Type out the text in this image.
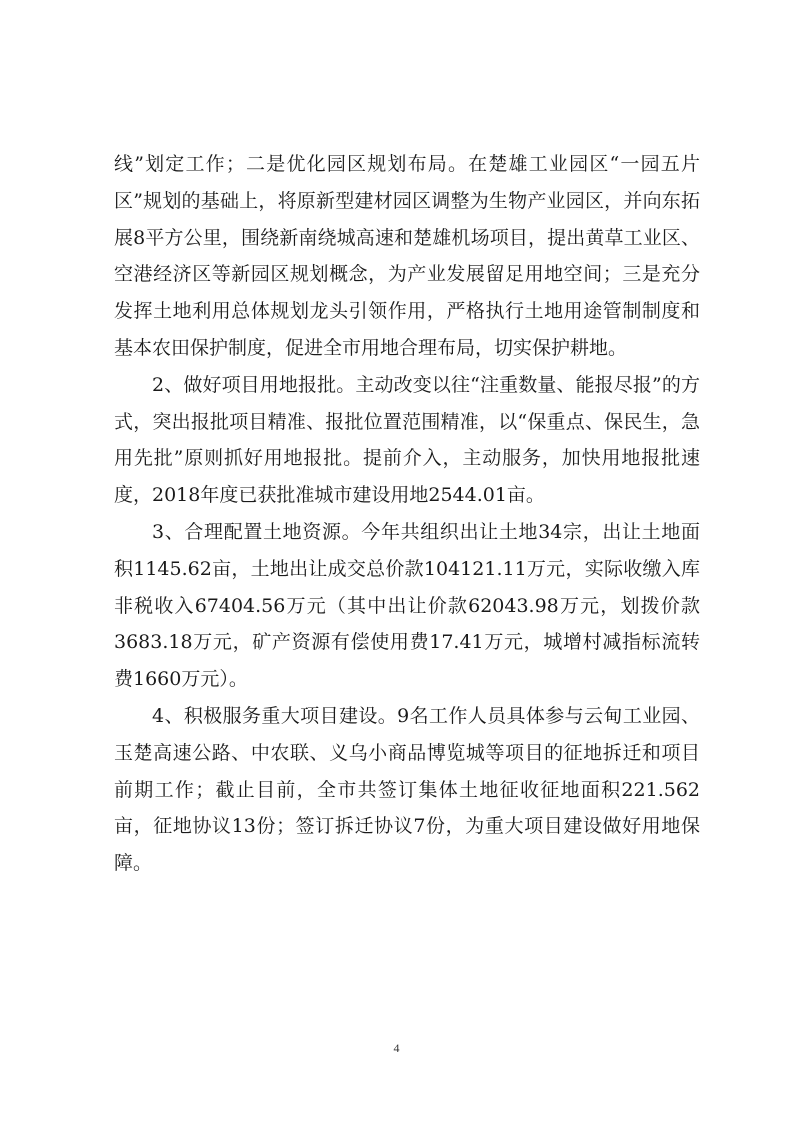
线”划定工作；二是优化园区规划布局。在楚雄工业园区“一园五片区”规划的基础上，将原新型建材园区调整为生物产业园区，并向东拓展8平方公里，围绕新南绕城高速和楚雄机场项目，提出黄草工业区、空港经济区等新园区规划概念，为产业发展留足用地空间；三是充分发挥土地利用总体规划龙头引领作用，严格执行土地用途管制制度和基本农田保护制度，促进全市用地合理布局，切实保护耕地。

2、做好项目用地报批。主动改变以往“注重数量、能报尽报”的方式，突出报批项目精准、报批位置范围精准，以“保重点、保民生，急用先批”原则抓好用地报批。提前介入，主动服务，加快用地报批速度，2018年度已获批准城市建设用地2544.01亩。

3、合理配置土地资源。今年共组织出让土地34宗，出让土地面积1145.62亩，土地出让成交总价款104121.11万元，实际收缴入库非税收入67404.56万元（其中出让价款62043.98万元，划拨价款3683.18万元，矿产资源有偿使用费17.41万元，城增村减指标流转费1660万元）。

4、积极服务重大项目建设。9名工作人员具体参与云甸工业园、玉楚高速公路、中农联、义乌小商品博览城等项目的征地拆迁和项目前期工作；截止目前，全市共签订集体土地征收征地面积221.562亩，征地协议13份；签订拆迁协议7份，为重大项目建设做好用地保障。

4
